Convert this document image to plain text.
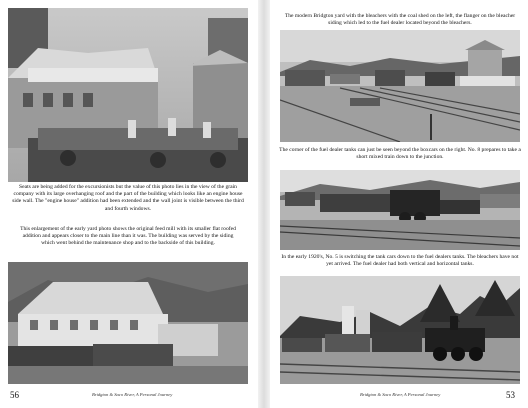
Seats are being added for the excursionists but the value of this photo lies in the view of the grain company with its large overhanging roof and the part of the building which looks like an engine house side wall. The "engine house" addition had been extended and the wall joint is visible between the third and fourth windows.
This enlargement of the early yard photo shows the original feed mill with its smaller flat roofed addition and appears closer to the main line than it was. The building was served by the siding which went behind the maintenance shop and to the backside of this building.
56	Bridgton & Saco River, A Personal Journey
The modern Bridgton yard with the bleachers with the coal shed on the left, the flanger on the bleacher siding which led to the fuel dealer located beyond the bleachers.
The corner of the fuel dealer tanks can just be seen beyond the boxcars on the right. No. 8 prepares to take a short mixed train down to the junction.
In the early 1920's, No. 5 is switching the tank cars down to the fuel dealers tanks. The bleachers have not yet arrived. The fuel dealer had both vertical and horizontal tanks.
Bridgton & Saco River, A Personal Journey	53
